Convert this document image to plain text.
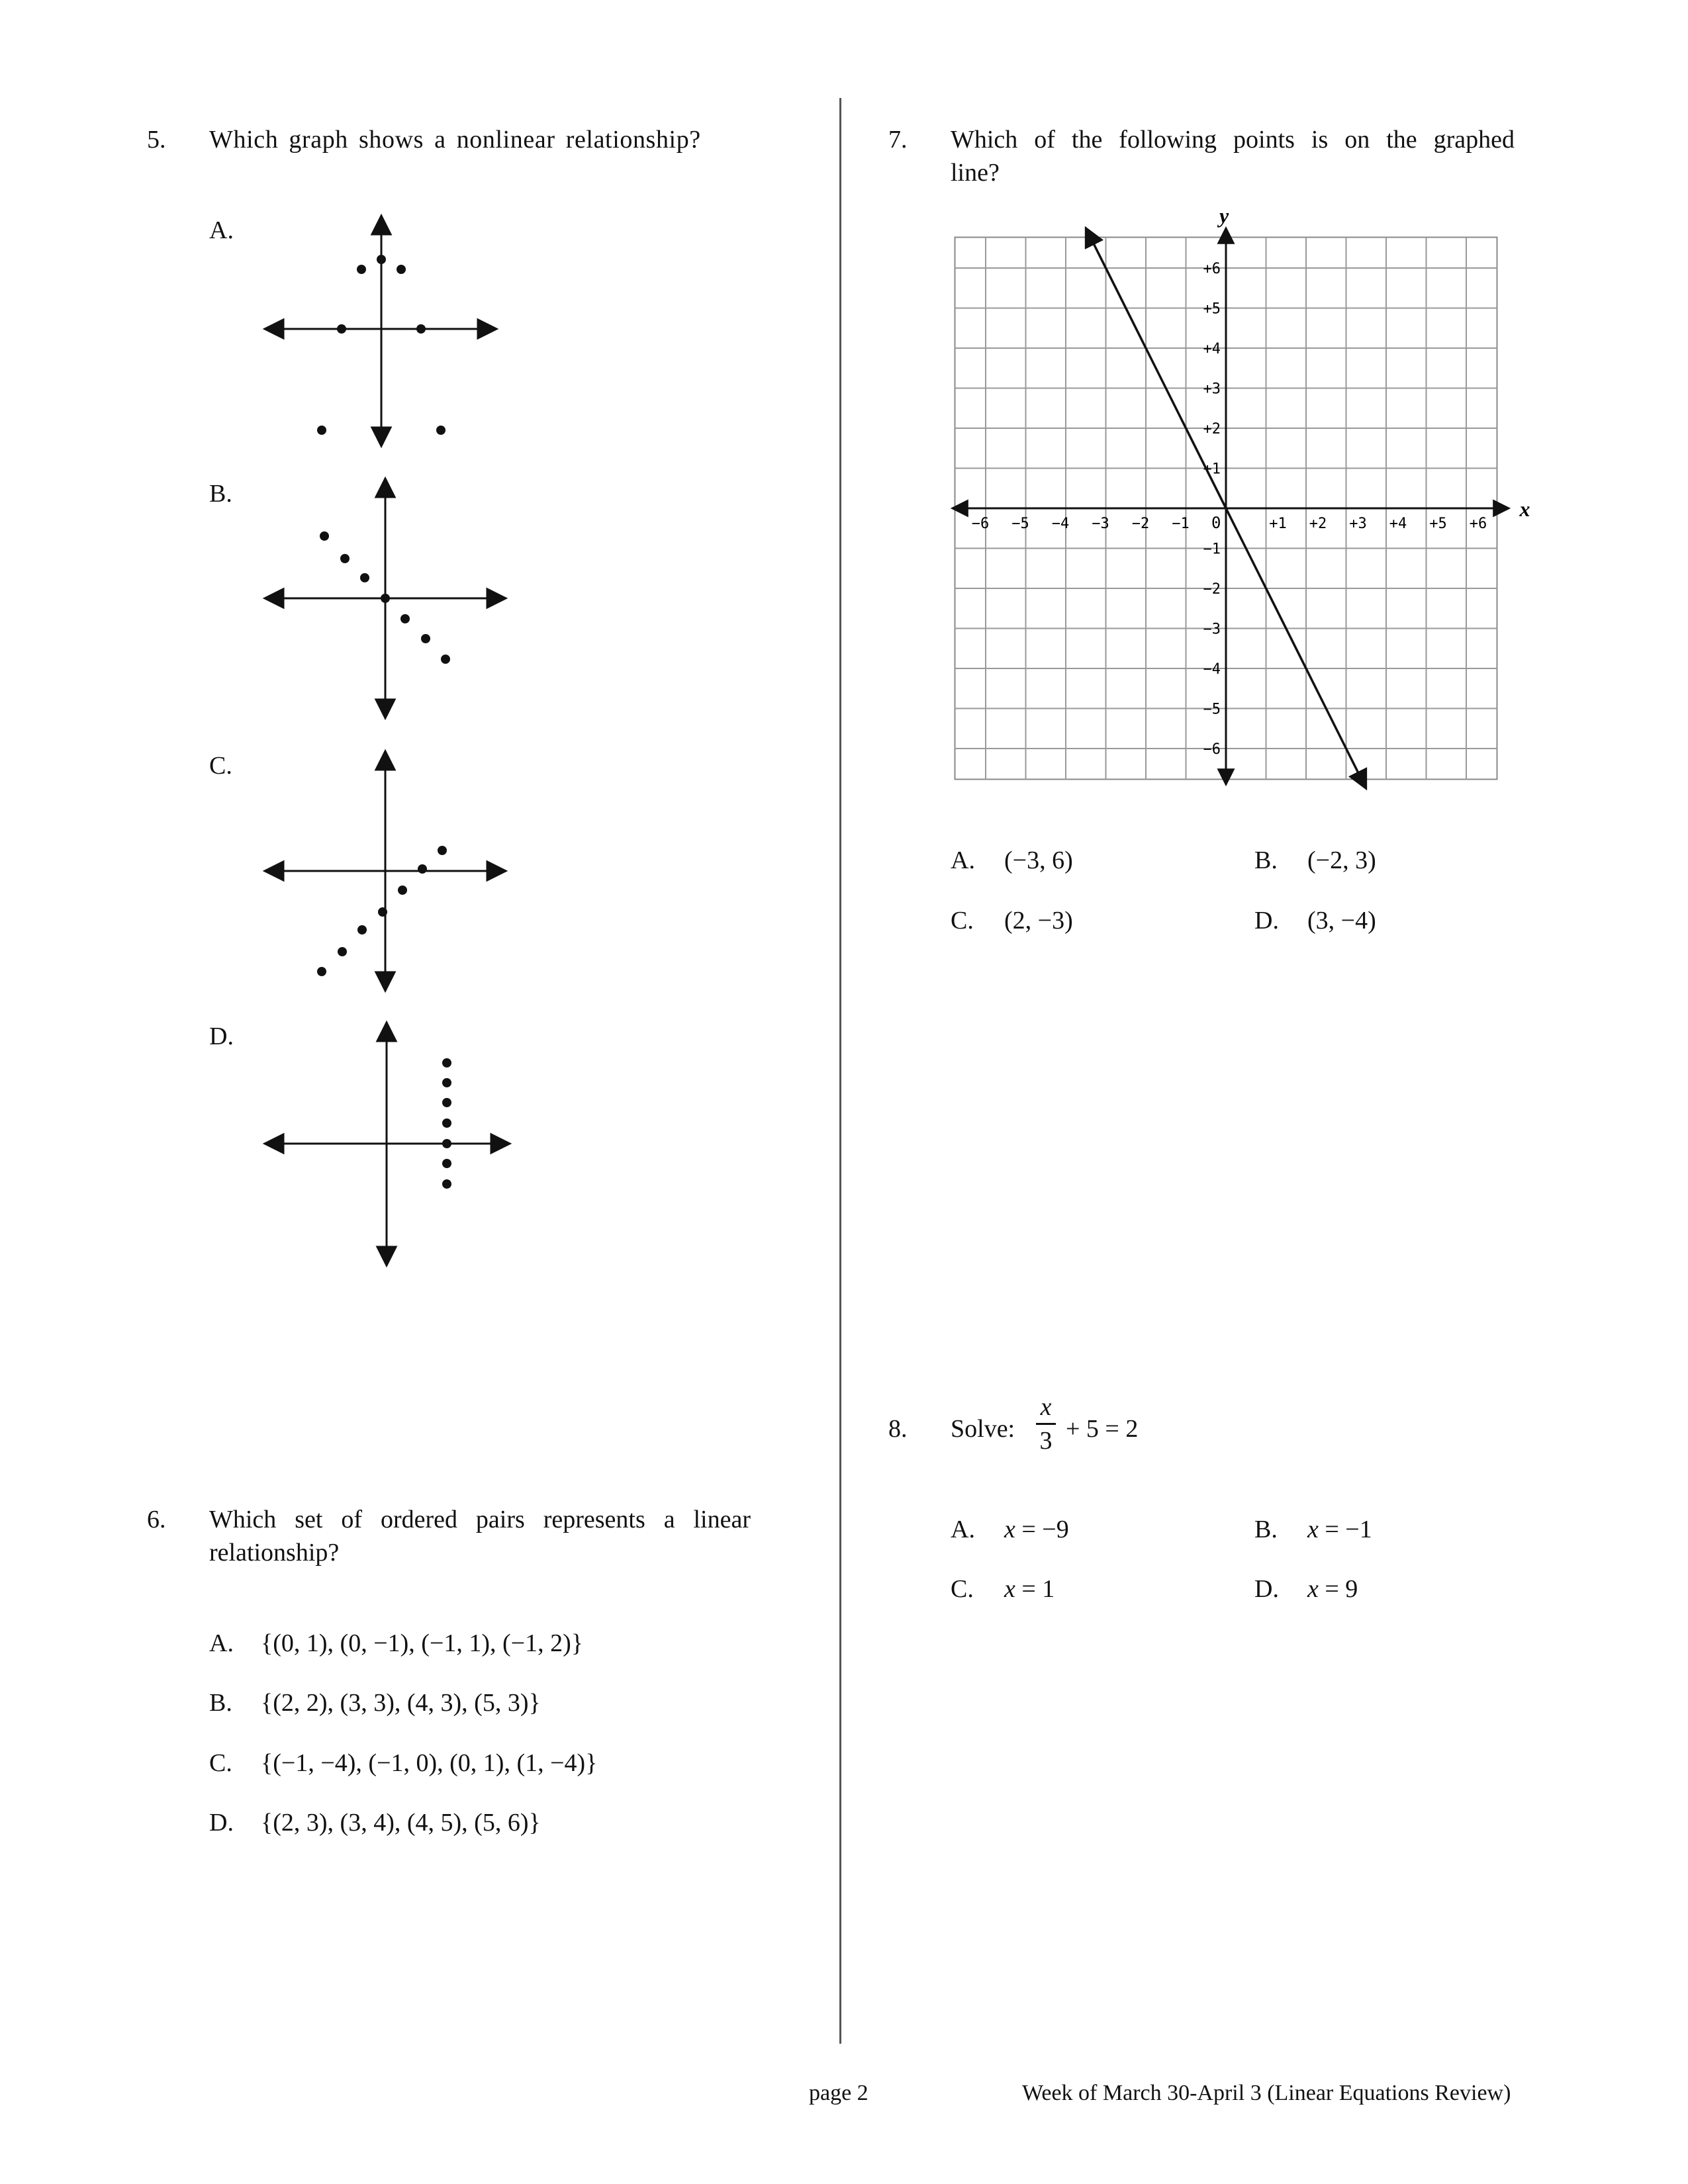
5. Which graph shows a nonlinear relationship?
A.
B.
C.
D.
6. Which set of ordered pairs represents a linear
relationship?
A. {(0, 1), (0, −1), (−1, 1), (−1, 2)}
B. {(2, 2), (3, 3), (4, 3), (5, 3)}
C. {(−1, −4), (−1, 0), (0, 1), (1, −4)}
D. {(2, 3), (3, 4), (4, 5), (5, 6)}
7. Which of the following points is on the graphed
line?
x
y
0
−6 −5 −4 −3 −2 −1	+1 +2 +3 +4 +5 +6
+1
+2
+3
+4
+5
+6
−1
−2
−3
−4
−5
−6
A. (−3, 6)	B. (−2, 3)
C. (2, −3)	D. (3, −4)
8. Solve:
x
3 + 5 = 2
A. x = −9	B. x = −1
C. x = 1	D. x = 9
page 2	Week of March 30-April 3 (Linear Equations Review)
